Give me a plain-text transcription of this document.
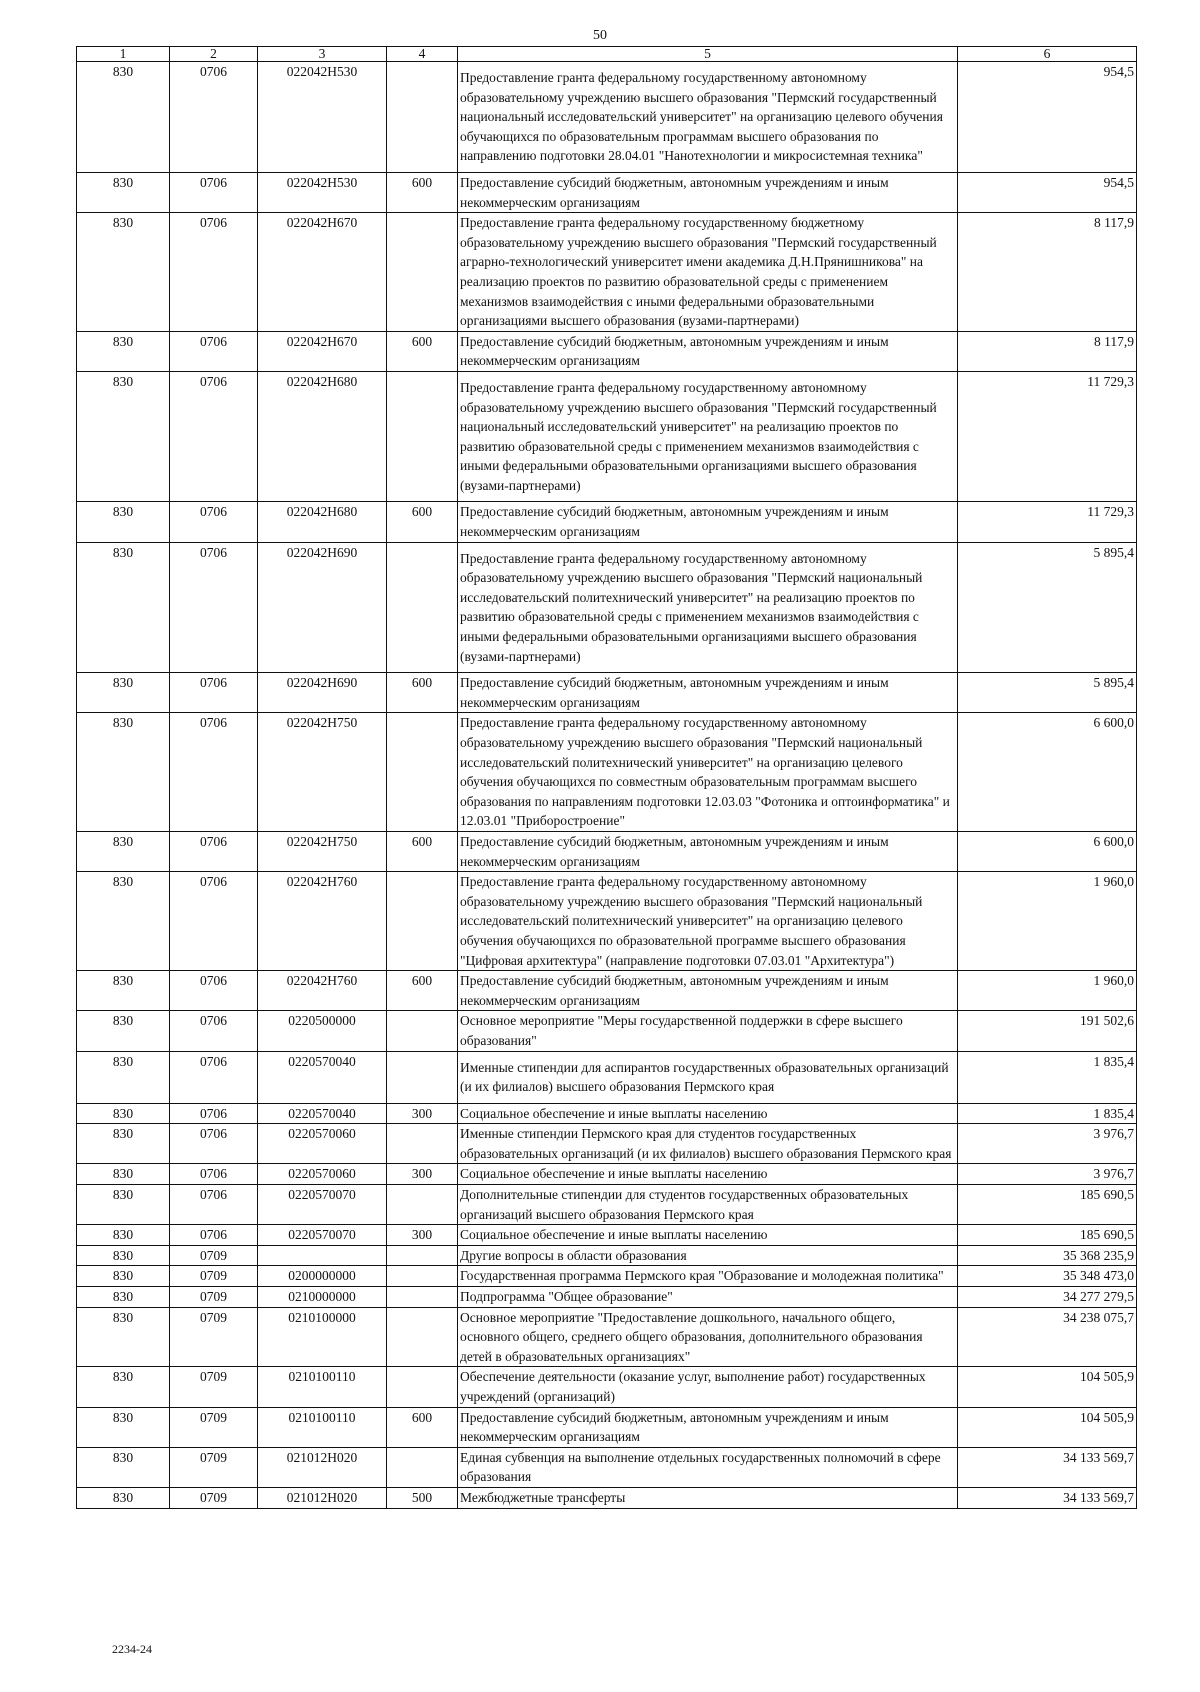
50
1	2	3	4	5	6
830	0706	022042Н530		Предоставление гранта федеральному государственному автономному образовательному учреждению высшего образования "Пермский государственный национальный исследовательский университет" на организацию целевого обучения обучающихся по образовательным программам высшего образования по направлению подготовки 28.04.01 "Нанотехнологии и микросистемная техника"	954,5
830	0706	022042Н530	600	Предоставление субсидий бюджетным, автономным учреждениям и иным некоммерческим организациям	954,5
830	0706	022042Н670		Предоставление гранта федеральному государственному бюджетному образовательному учреждению высшего образования "Пермский государственный аграрно-технологический университет имени академика Д.Н.Прянишникова" на реализацию проектов по развитию образовательной среды с применением механизмов взаимодействия с иными федеральными образовательными организациями высшего образования (вузами-партнерами)	8 117,9
830	0706	022042Н670	600	Предоставление субсидий бюджетным, автономным учреждениям и иным некоммерческим организациям	8 117,9
830	0706	022042Н680		Предоставление гранта федеральному государственному автономному образовательному учреждению высшего образования "Пермский государственный национальный исследовательский университет" на реализацию проектов по развитию образовательной среды с применением механизмов взаимодействия с иными федеральными образовательными организациями высшего образования (вузами-партнерами)	11 729,3
830	0706	022042Н680	600	Предоставление субсидий бюджетным, автономным учреждениям и иным некоммерческим организациям	11 729,3
830	0706	022042Н690		Предоставление гранта федеральному государственному автономному образовательному учреждению высшего образования "Пермский национальный исследовательский политехнический университет" на реализацию проектов по развитию образовательной среды с применением механизмов взаимодействия с иными федеральными образовательными организациями высшего образования (вузами-партнерами)	5 895,4
830	0706	022042Н690	600	Предоставление субсидий бюджетным, автономным учреждениям и иным некоммерческим организациям	5 895,4
830	0706	022042Н750		Предоставление гранта федеральному государственному автономному образовательному учреждению высшего образования "Пермский национальный исследовательский политехнический университет" на организацию целевого обучения обучающихся по совместным образовательным программам высшего образования по направлениям подготовки 12.03.03 "Фотоника и оптоинформатика" и 12.03.01 "Приборостроение"	6 600,0
830	0706	022042Н750	600	Предоставление субсидий бюджетным, автономным учреждениям и иным некоммерческим организациям	6 600,0
830	0706	022042Н760		Предоставление гранта федеральному государственному автономному образовательному учреждению высшего образования "Пермский национальный исследовательский политехнический университет" на организацию целевого обучения обучающихся по образовательной программе высшего образования "Цифровая архитектура" (направление подготовки 07.03.01 "Архитектура")	1 960,0
830	0706	022042Н760	600	Предоставление субсидий бюджетным, автономным учреждениям и иным некоммерческим организациям	1 960,0
830	0706	0220500000		Основное мероприятие "Меры государственной поддержки в сфере высшего образования"	191 502,6
830	0706	0220570040		Именные стипендии для аспирантов государственных образовательных организаций (и их филиалов) высшего образования Пермского края	1 835,4
830	0706	0220570040	300	Социальное обеспечение и иные выплаты населению	1 835,4
830	0706	0220570060		Именные стипендии Пермского края для студентов государственных образовательных организаций (и их филиалов) высшего образования Пермского края	3 976,7
830	0706	0220570060	300	Социальное обеспечение и иные выплаты населению	3 976,7
830	0706	0220570070		Дополнительные стипендии для студентов государственных образовательных организаций высшего образования Пермского края	185 690,5
830	0706	0220570070	300	Социальное обеспечение и иные выплаты населению	185 690,5
830	0709			Другие вопросы в области образования	35 368 235,9
830	0709	0200000000		Государственная программа Пермского края "Образование и молодежная политика"	35 348 473,0
830	0709	0210000000		Подпрограмма "Общее образование"	34 277 279,5
830	0709	0210100000		Основное мероприятие "Предоставление дошкольного, начального общего, основного общего, среднего общего образования, дополнительного образования детей в образовательных организациях"	34 238 075,7
830	0709	0210100110		Обеспечение деятельности (оказание услуг, выполнение работ) государственных учреждений (организаций)	104 505,9
830	0709	0210100110	600	Предоставление субсидий бюджетным, автономным учреждениям и иным некоммерческим организациям	104 505,9
830	0709	021012Н020		Единая субвенция на выполнение отдельных государственных полномочий в сфере образования	34 133 569,7
830	0709	021012Н020	500	Межбюджетные трансферты	34 133 569,7
2234-24
